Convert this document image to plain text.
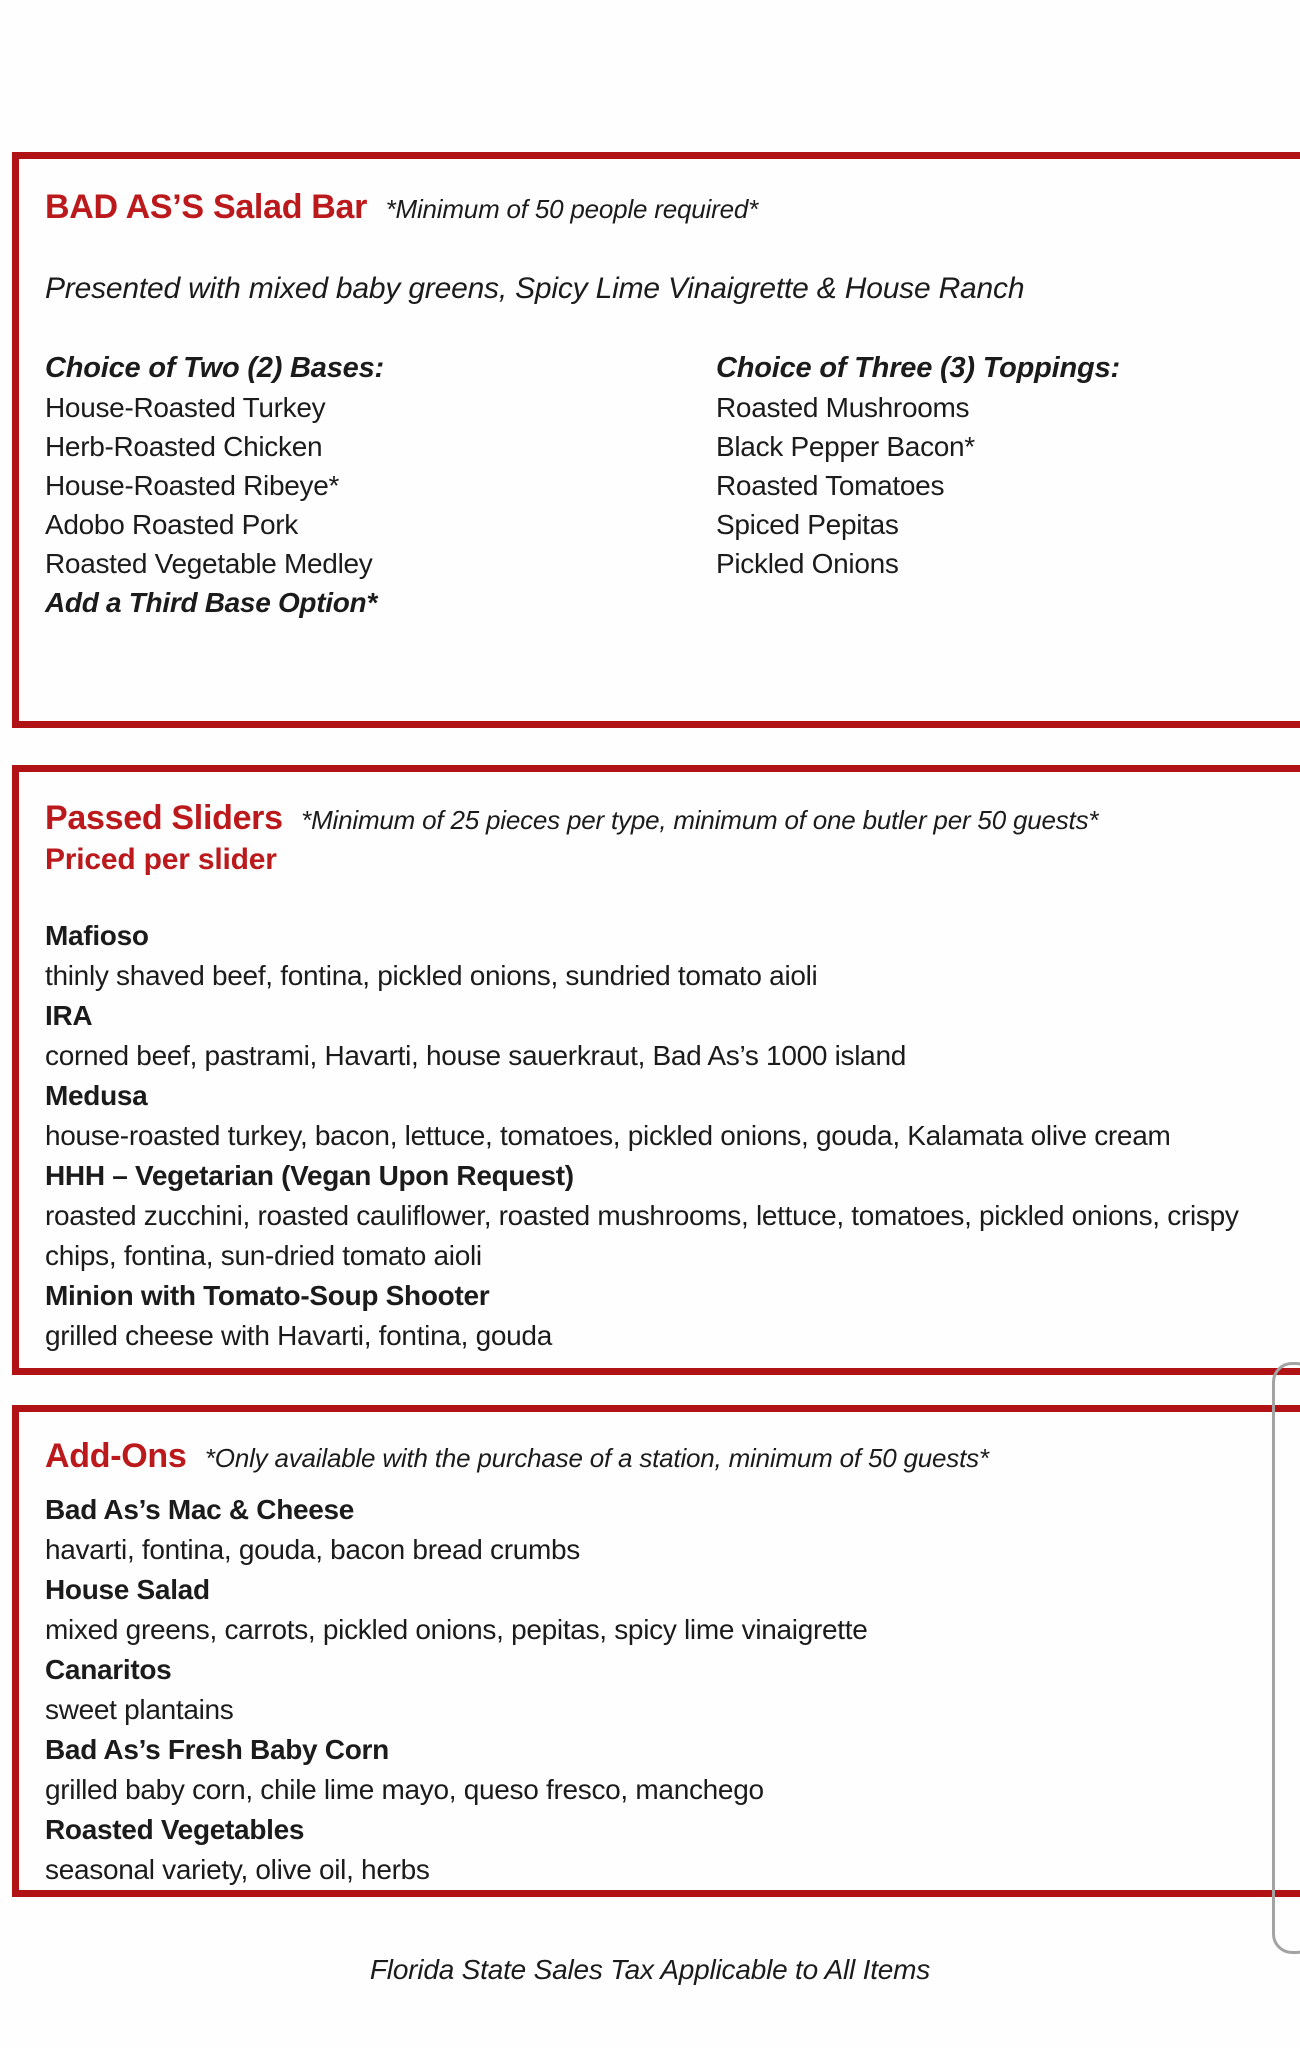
BAD AS’S Salad Bar *Minimum of 50 people required*

Presented with mixed baby greens, Spicy Lime Vinaigrette & House Ranch

Choice of Two (2) Bases:
House-Roasted Turkey
Herb-Roasted Chicken
House-Roasted Ribeye*
Adobo Roasted Pork
Roasted Vegetable Medley
Add a Third Base Option*
Choice of Three (3) Toppings:
Roasted Mushrooms
Black Pepper Bacon*
Roasted Tomatoes
Spiced Pepitas
Pickled Onions
Passed Sliders *Minimum of 25 pieces per type, minimum of one butler per 50 guests*
Priced per slider
Mafioso
thinly shaved beef, fontina, pickled onions, sundried tomato aioli
IRA
corned beef, pastrami, Havarti, house sauerkraut, Bad As’s 1000 island
Medusa
house-roasted turkey, bacon, lettuce, tomatoes, pickled onions, gouda, Kalamata olive cream
HHH – Vegetarian (Vegan Upon Request)
roasted zucchini, roasted cauliflower, roasted mushrooms, lettuce, tomatoes, pickled onions, crispy chips, fontina, sun-dried tomato aioli
Minion with Tomato-Soup Shooter
grilled cheese with Havarti, fontina, gouda
Add-Ons *Only available with the purchase of a station, minimum of 50 guests*
Bad As’s Mac & Cheese
havarti, fontina, gouda, bacon bread crumbs
House Salad
mixed greens, carrots, pickled onions, pepitas, spicy lime vinaigrette
Canaritos
sweet plantains
Bad As’s Fresh Baby Corn
grilled baby corn, chile lime mayo, queso fresco, manchego
Roasted Vegetables
seasonal variety, olive oil, herbs
Florida State Sales Tax Applicable to All Items
